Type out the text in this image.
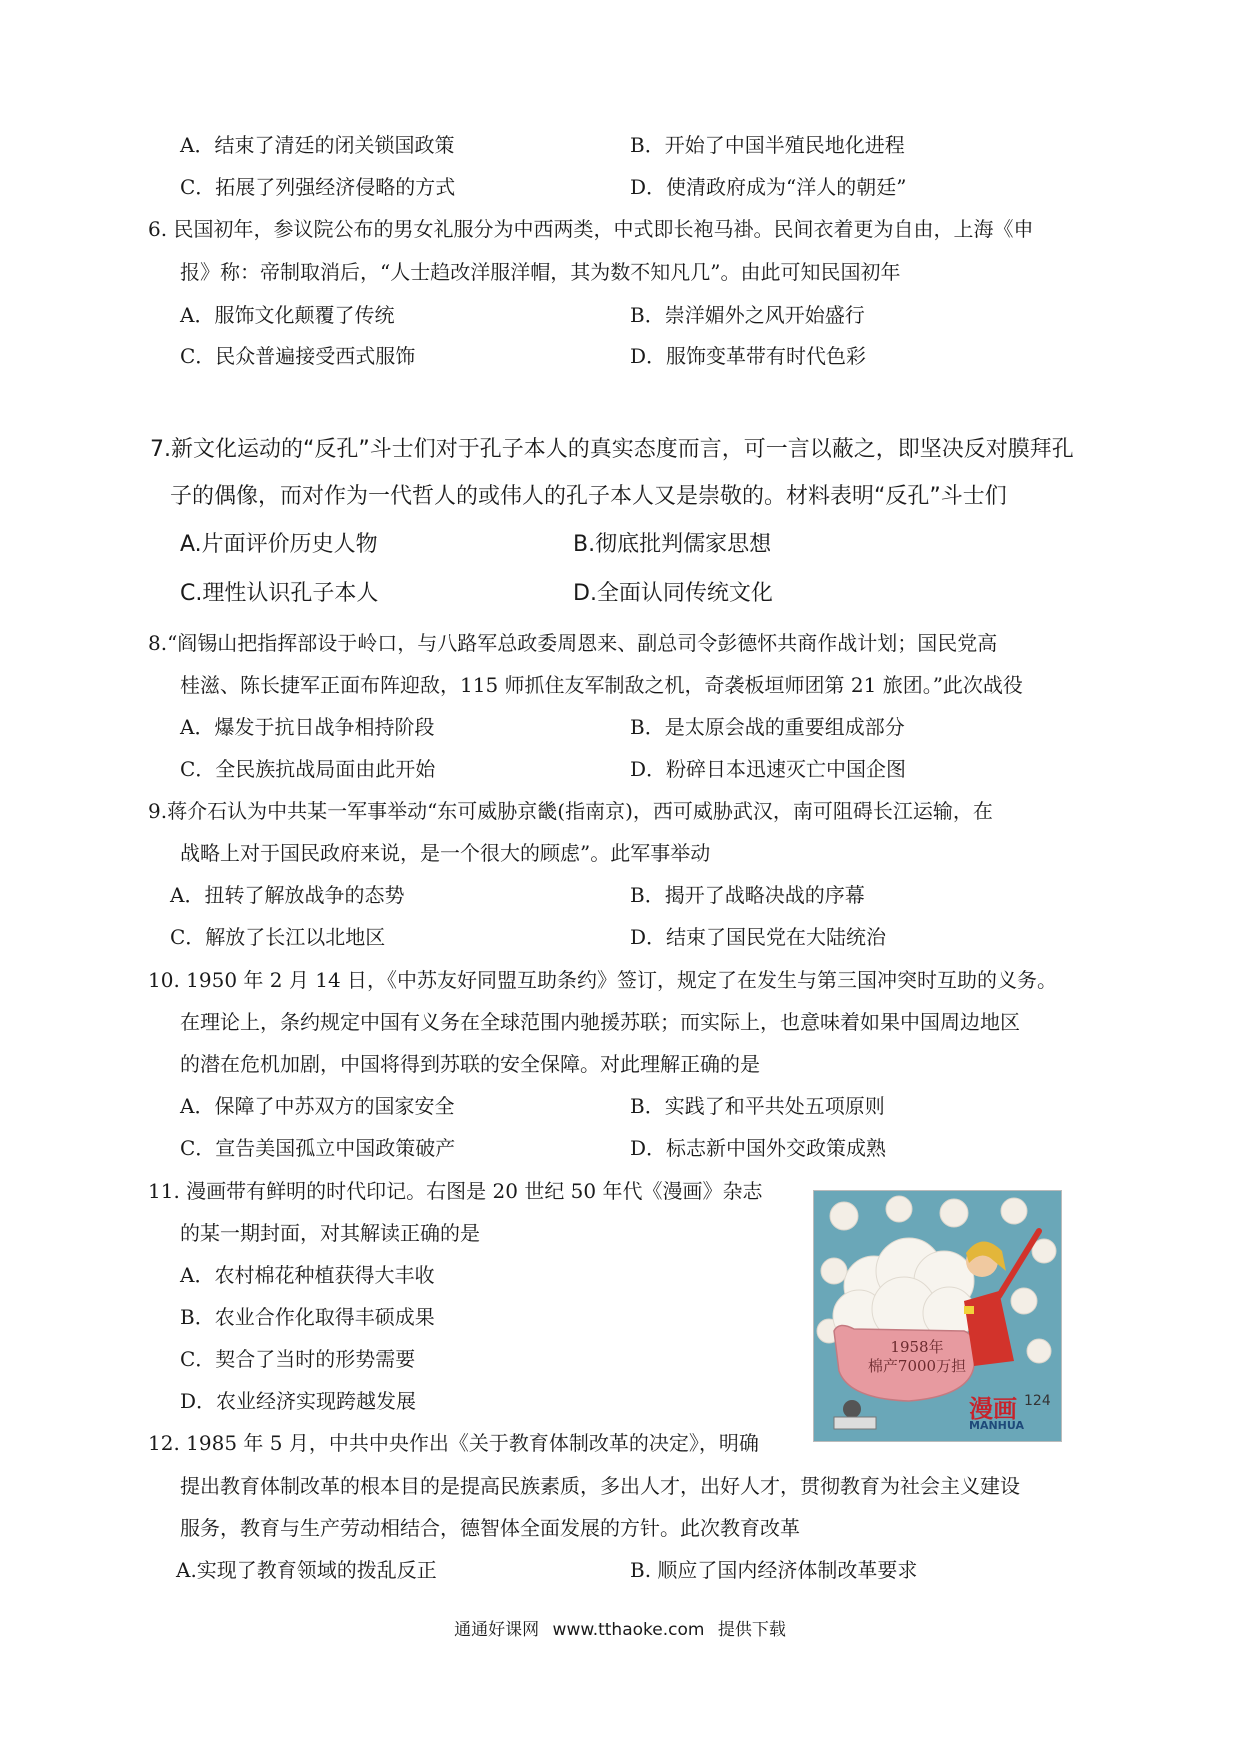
A．结束了清廷的闭关锁国政策	B．开始了中国半殖民地化进程
C．拓展了列强经济侵略的方式	D．使清政府成为“洋人的朝廷”
6. 民国初年，参议院公布的男女礼服分为中西两类，中式即长袍马褂。民间衣着更为自由，上海《申
报》称：帝制取消后，“人士趋改洋服洋帽，其为数不知凡几”。由此可知民国初年
A．服饰文化颠覆了传统	B．崇洋媚外之风开始盛行
C．民众普遍接受西式服饰	D．服饰变革带有时代色彩
7.新文化运动的“反孔”斗士们对于孔子本人的真实态度而言，可一言以蔽之，即坚决反对膜拜孔
子的偶像，而对作为一代哲人的或伟人的孔子本人又是崇敬的。材料表明“反孔”斗士们
A.片面评价历史人物	B.彻底批判儒家思想
C.理性认识孔子本人	D.全面认同传统文化
8.“阎锡山把指挥部设于岭口，与八路军总政委周恩来、副总司令彭德怀共商作战计划；国民党高
桂滋、陈长捷军正面布阵迎敌，115 师抓住友军制敌之机，奇袭板垣师团第 21 旅团。”此次战役
A．爆发于抗日战争相持阶段	B．是太原会战的重要组成部分
C．全民族抗战局面由此开始	D．粉碎日本迅速灭亡中国企图
9.蒋介石认为中共某一军事举动“东可威胁京畿(指南京)，西可威胁武汉，南可阻碍长江运输，在
战略上对于国民政府来说，是一个很大的顾虑”。此军事举动
A．扭转了解放战争的态势	B．揭开了战略决战的序幕
C．解放了长江以北地区	D．结束了国民党在大陆统治
10. 1950 年 2 月 14 日，《中苏友好同盟互助条约》签订，规定了在发生与第三国冲突时互助的义务。
在理论上，条约规定中国有义务在全球范围内驰援苏联；而实际上，也意味着如果中国周边地区
的潜在危机加剧，中国将得到苏联的安全保障。对此理解正确的是
A．保障了中苏双方的国家安全	B．实践了和平共处五项原则
C．宣告美国孤立中国政策破产	D．标志新中国外交政策成熟
11. 漫画带有鲜明的时代印记。右图是 20 世纪 50 年代《漫画》杂志
的某一期封面，对其解读正确的是
A．农村棉花种植获得大丰收
B．农业合作化取得丰硕成果
C．契合了当时的形势需要
D．农业经济实现跨越发展
1958年
棉产7000万担
漫画 124
MANHUA
12. 1985 年 5 月，中共中央作出《关于教育体制改革的决定》，明确
提出教育体制改革的根本目的是提高民族素质，多出人才，出好人才，贯彻教育为社会主义建设
服务，教育与生产劳动相结合，德智体全面发展的方针。此次教育改革
A.实现了教育领域的拨乱反正	B. 顺应了国内经济体制改革要求
通通好课网 www.tthaoke.com 提供下载
